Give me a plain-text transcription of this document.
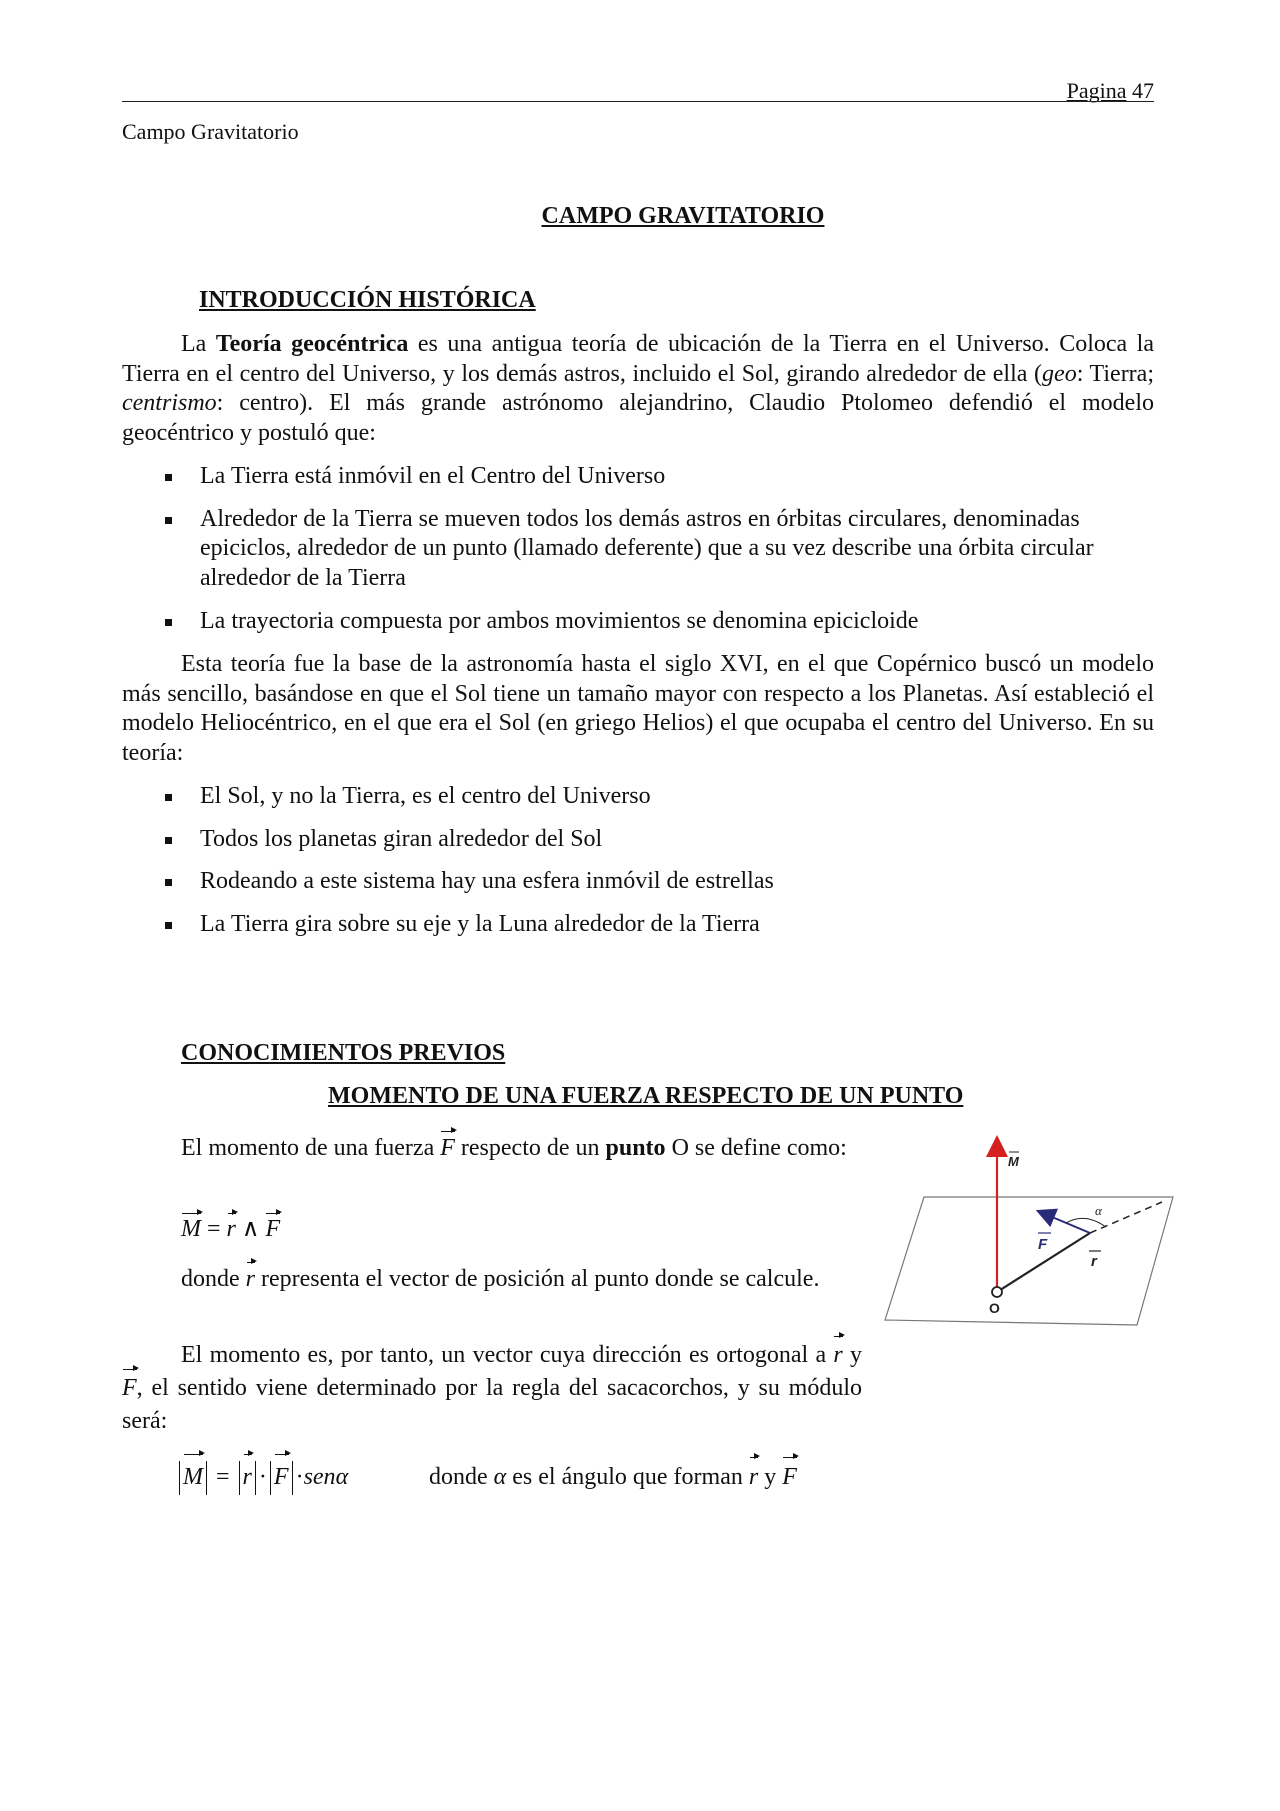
Pagina 47
Campo Gravitatorio
CAMPO GRAVITATORIO
INTRODUCCIÓN HISTÓRICA
La Teoría geocéntrica es una antigua teoría de ubicación de la Tierra en el Universo. Coloca la Tierra en el centro del Universo, y los demás astros, incluido el Sol, girando alrededor de ella (geo: Tierra; centrismo: centro). El más grande astrónomo alejandrino, Claudio Ptolomeo defendió el modelo geocéntrico y postuló que:
La Tierra está inmóvil en el Centro del Universo
Alrededor de la Tierra se mueven todos los demás astros en órbitas circulares, denominadas epiciclos, alrededor de un punto (llamado deferente) que a su vez describe una órbita circular alrededor de la Tierra
La trayectoria compuesta por ambos movimientos se denomina epicicloide
Esta teoría fue la base de la astronomía hasta el siglo XVI, en el que Copérnico buscó un modelo más sencillo, basándose en que el Sol tiene un tamaño mayor con respecto a los Planetas. Así estableció el modelo Heliocéntrico, en el que era el Sol (en griego Helios) el que ocupaba el centro del Universo. En su teoría:
El Sol, y no la Tierra, es el centro del Universo
Todos los planetas giran alrededor del Sol
Rodeando a este sistema hay una esfera inmóvil de estrellas
La Tierra gira sobre su eje y la Luna alrededor de la Tierra
CONOCIMIENTOS PREVIOS
MOMENTO DE UNA FUERZA RESPECTO DE UN PUNTO
El momento de una fuerza F respecto de un punto O se define como:
M = r ∧ F
donde r representa el vector de posición al punto donde se calcule.
El momento es, por tanto, un vector cuya dirección es ortogonal a r y F, el sentido viene determinado por la regla del sacacorchos, y su módulo será:
M = r · F ·senα	donde α es el ángulo que forman r y F
M
F
r
α
O
